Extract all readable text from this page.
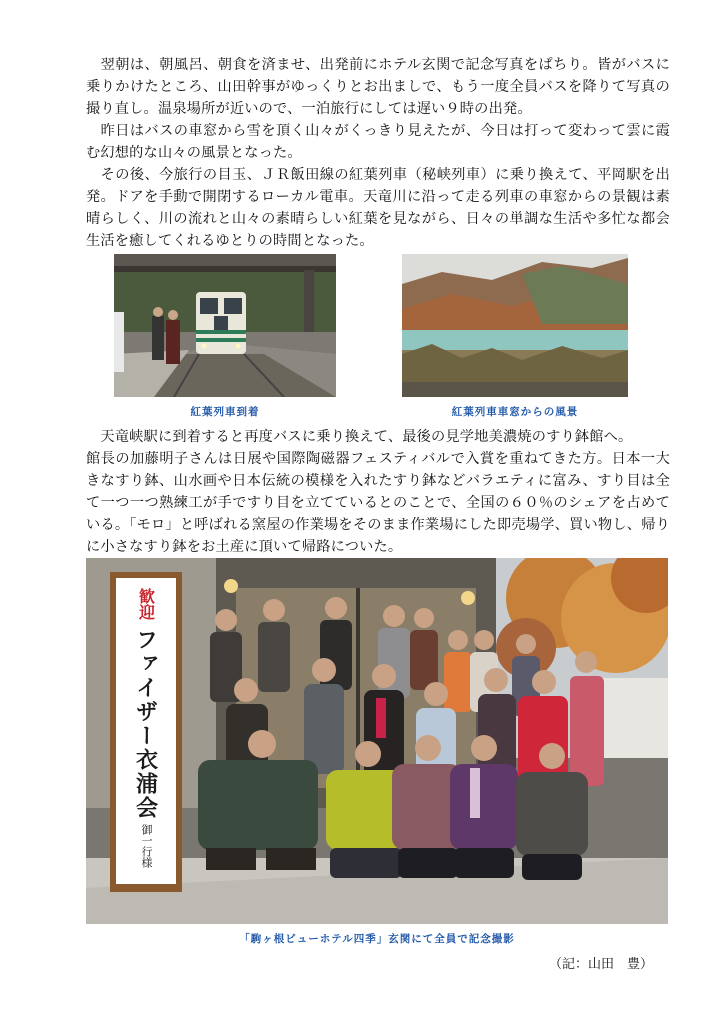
　翌朝は、朝風呂、朝食を済ませ、出発前にホテル玄関で記念写真をぱちり。皆がバスに乗りかけたところ、山田幹事がゆっくりとお出ましで、もう一度全員バスを降りて写真の撮り直し。温泉場所が近いので、一泊旅行にしては遅い９時の出発。

　昨日はバスの車窓から雪を頂く山々がくっきり見えたが、今日は打って変わって雲に霞む幻想的な山々の風景となった。

　その後、今旅行の目玉、ＪＲ飯田線の紅葉列車（秘峡列車）に乗り換えて、平岡駅を出発。ドアを手動で開閉するローカル電車。天竜川に沿って走る列車の車窓からの景観は素晴らしく、川の流れと山々の素晴らしい紅葉を見ながら、日々の単調な生活や多忙な都会生活を癒してくれるゆとりの時間となった。

紅葉列車到着	紅葉列車車窓からの風景

　天竜峡駅に到着すると再度バスに乗り換えて、最後の見学地美濃焼のすり鉢館へ。

館長の加藤明子さんは日展や国際陶磁器フェスティバルで入賞を重ねてきた方。日本一大きなすり鉢、山水画や日本伝統の模様を入れたすり鉢などバラエティに富み、すり目は全て一つ一つ熟練工が手ですり目を立てているとのことで、全国の６０％のシェアを占めている。「モロ」と呼ばれる窯屋の作業場をそのまま作業場にした即売場学、買い物し、帰りに小さなすり鉢をお土産に頂いて帰路についた。

歓迎
ファイザー衣浦会
御一行様
「駒ヶ根ビューホテル四季」玄関にて全員で記念撮影
（記：山田　豊）
